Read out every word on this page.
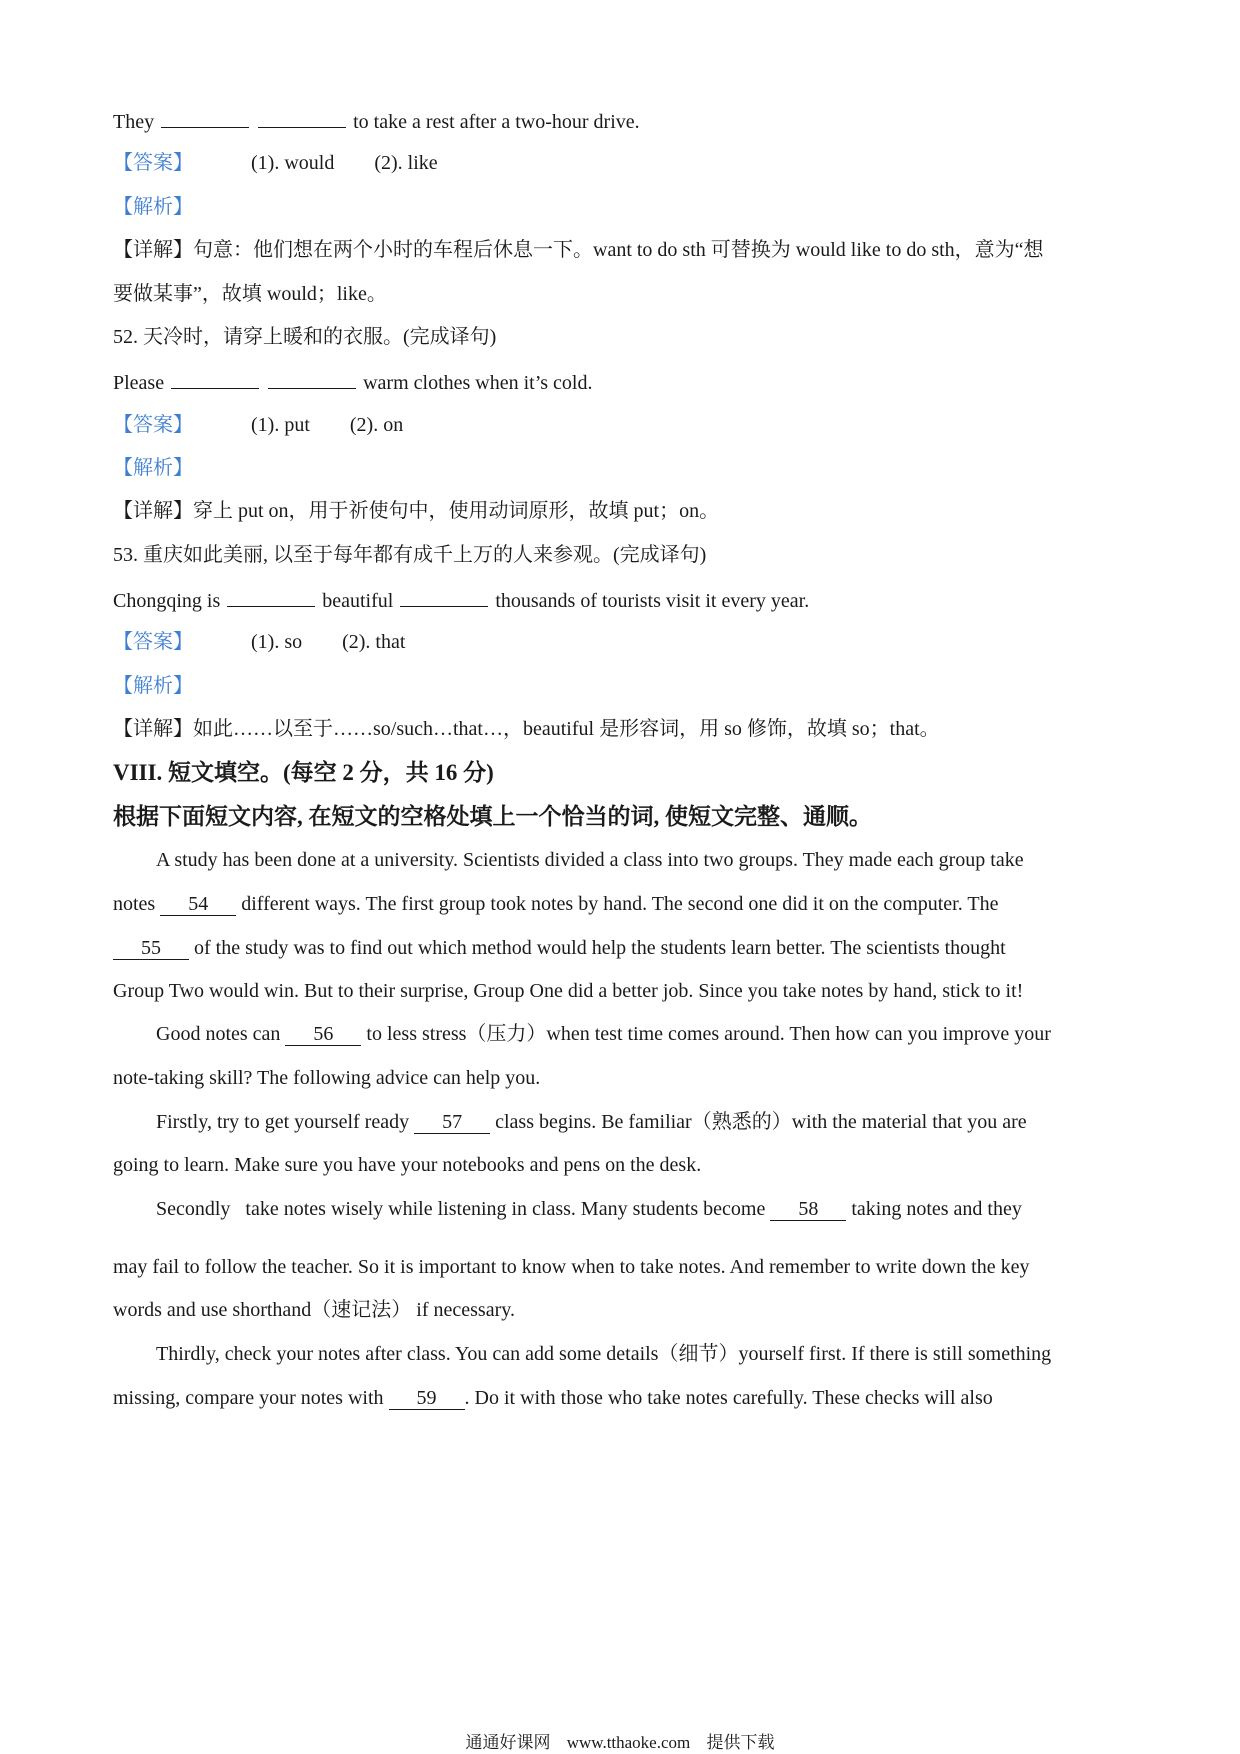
They	to take a rest after a two-hour drive.
【答案】	(1). would (2). like
【解析】
【详解】句意：他们想在两个小时的车程后休息一下。want to do sth 可替换为 would like to do sth，意为“想
要做某事”，故填 would；like。
52. 天冷时，请穿上暖和的衣服。(完成译句)
Please	warm clothes when it’s cold.
【答案】	(1). put (2). on
【解析】
【详解】穿上 put on，用于祈使句中，使用动词原形，故填 put；on。
53. 重庆如此美丽, 以至于每年都有成千上万的人来参观。(完成译句)
Chongqing is	beautiful	thousands of tourists visit it every year.
【答案】	(1). so (2). that
【解析】
【详解】如此……以至于……so/such…that…，beautiful 是形容词，用 so 修饰，故填 so；that。
VIII. 短文填空。(每空 2 分，共 16 分)
根据下面短文内容, 在短文的空格处填上一个恰当的词, 使短文完整、通顺。
A study has been done at a university. Scientists divided a class into two groups. They made each group take
notes 54 different ways. The first group took notes by hand. The second one did it on the computer. The
55 of the study was to find out which method would help the students learn better. The scientists thought
Group Two would win. But to their surprise, Group One did a better job. Since you take notes by hand, stick to it!
Good notes can 56 to less stress（压力）when test time comes around. Then how can you improve your
note-taking skill? The following advice can help you.
Firstly, try to get yourself ready 57 class begins. Be familiar（熟悉的）with the material that you are
going to learn. Make sure you have your notebooks and pens on the desk.
Secondly   take notes wisely while listening in class. Many students become 58 taking notes and they
may fail to follow the teacher. So it is important to know when to take notes. And remember to write down the key
words and use shorthand（速记法） if necessary.
Thirdly, check your notes after class. You can add some details（细节）yourself first. If there is still something
missing, compare your notes with 59 . Do it with those who take notes carefully. These checks will also
通通好课网 www.tthaoke.com 提供下载
